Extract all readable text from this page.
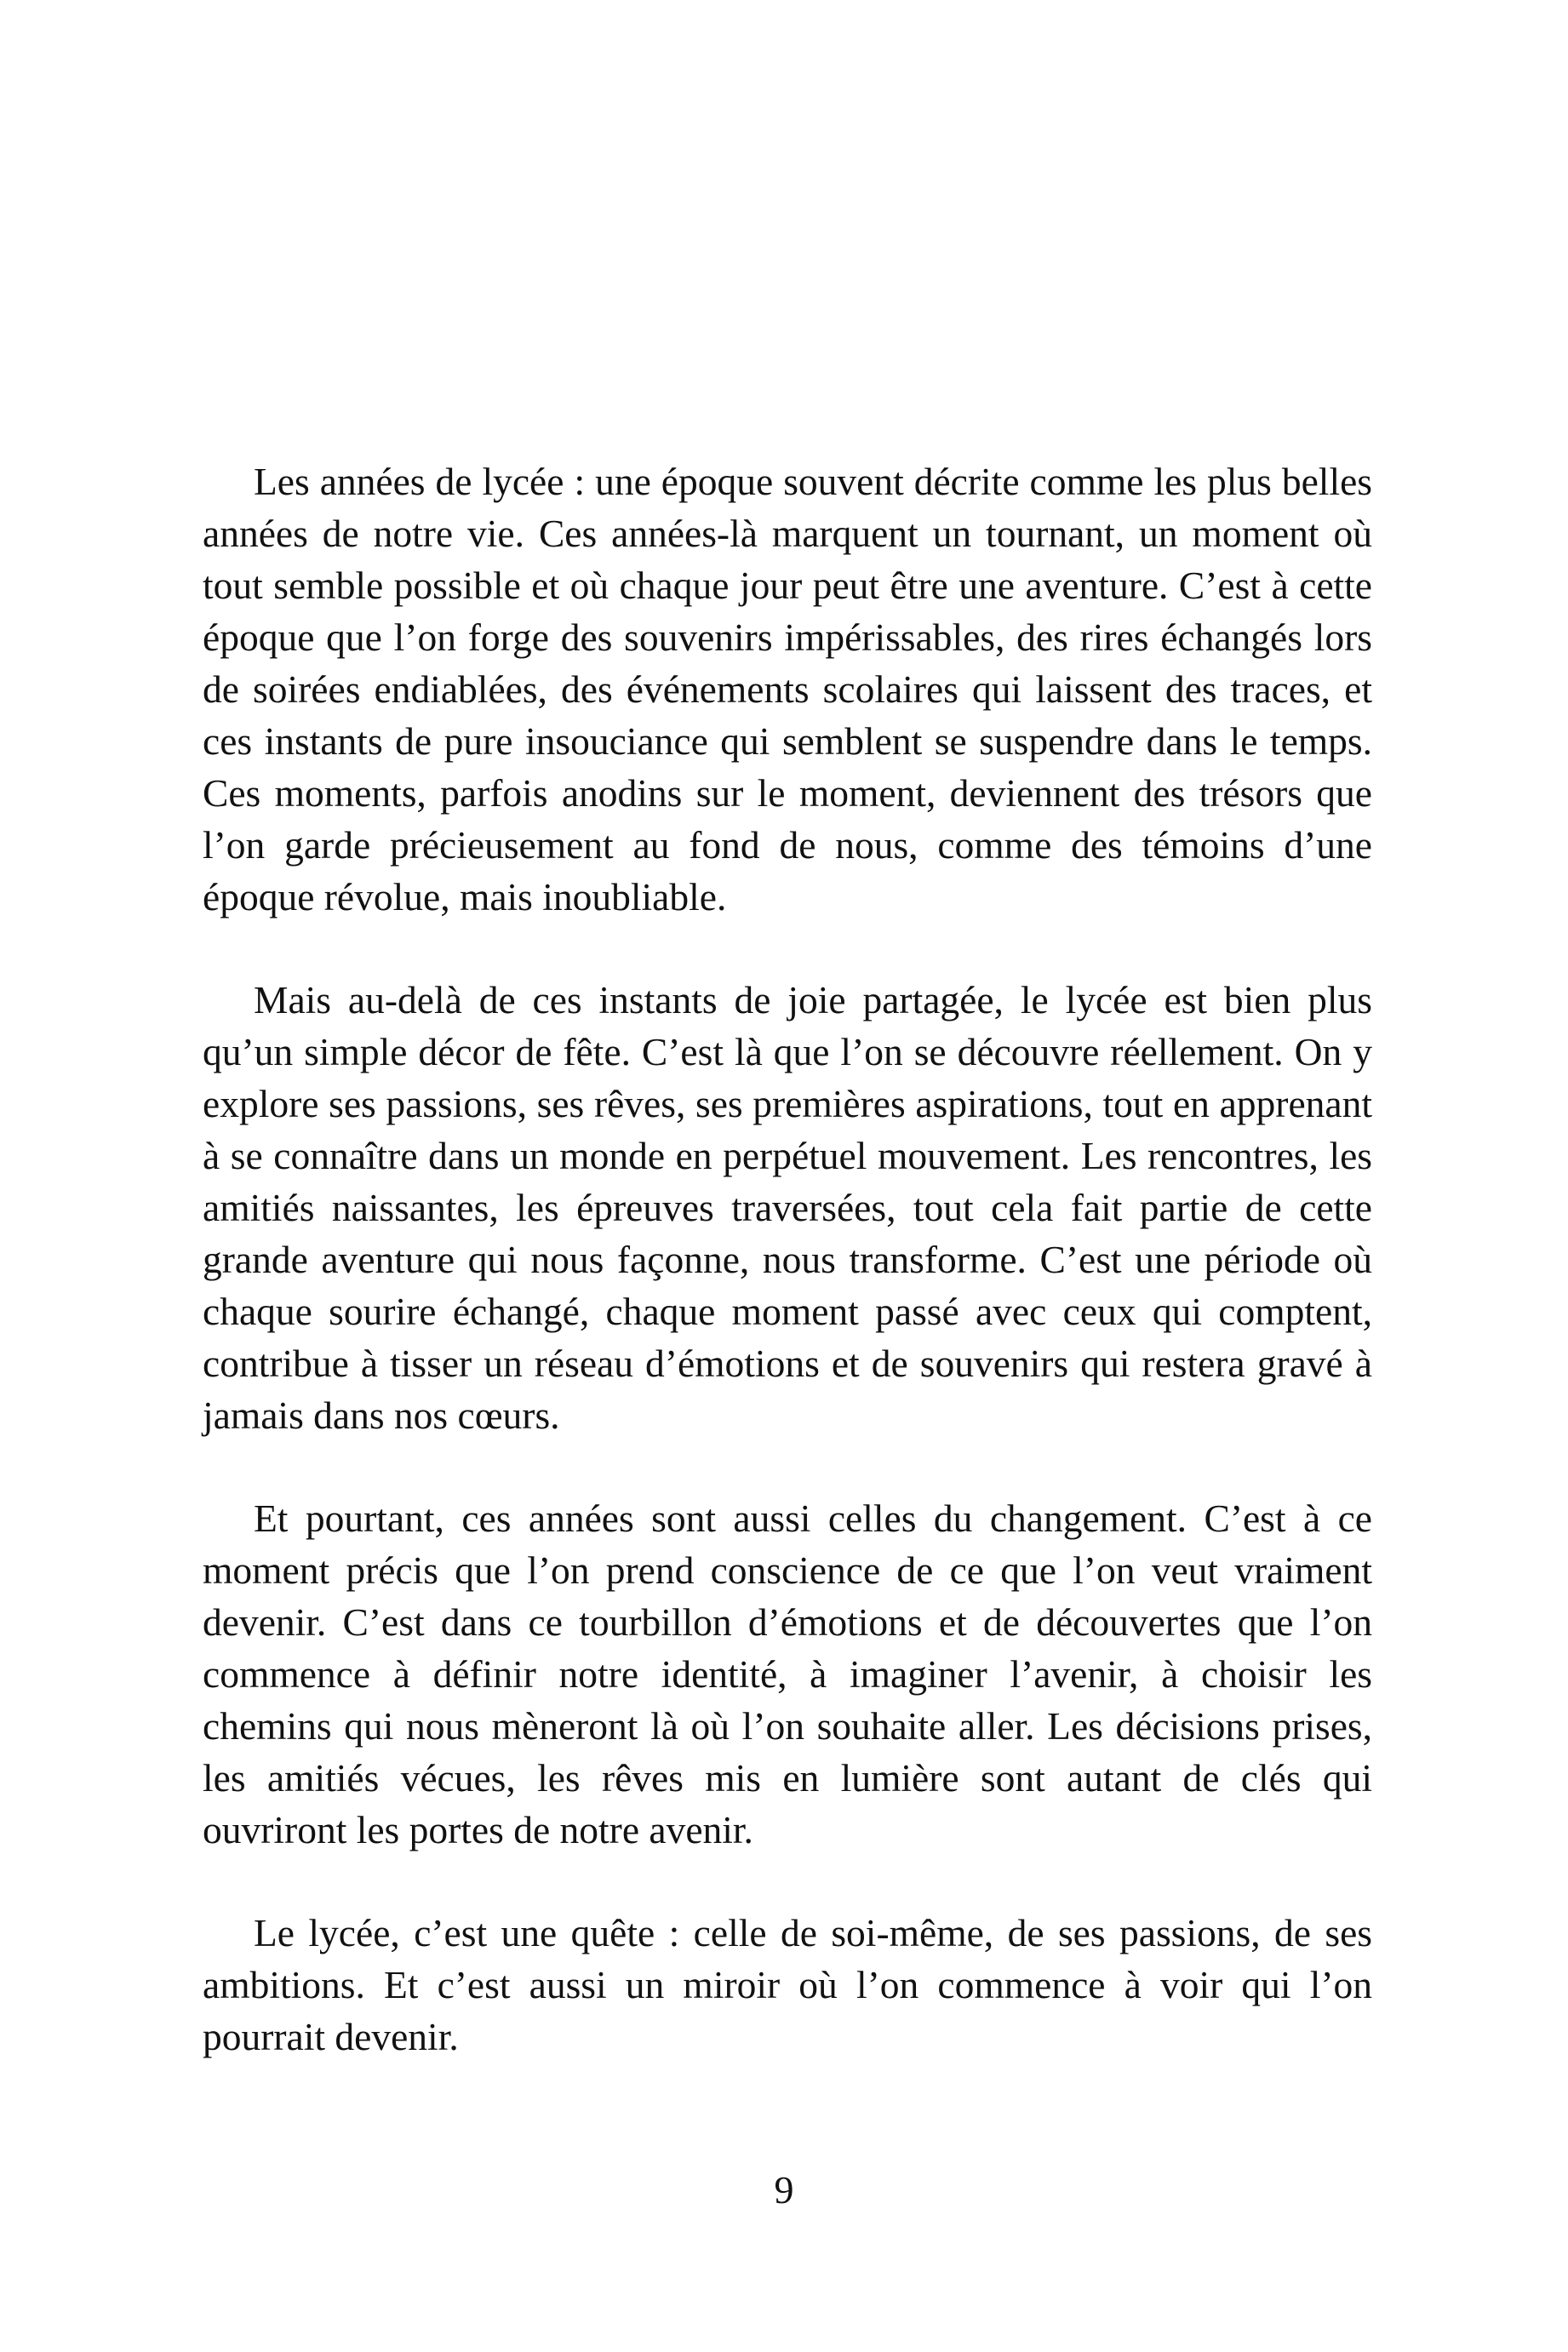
Les années de lycée : une époque souvent décrite comme les plus belles années de notre vie. Ces années-là marquent un tournant, un moment où tout semble possible et où chaque jour peut être une aventure. C’est à cette époque que l’on forge des souvenirs impérissables, des rires échangés lors de soirées endiablées, des événements scolaires qui laissent des traces, et ces instants de pure insouciance qui semblent se suspendre dans le temps. Ces moments, parfois anodins sur le moment, deviennent des trésors que l’on garde précieusement au fond de nous, comme des témoins d’une époque révolue, mais inoubliable.

Mais au-delà de ces instants de joie partagée, le lycée est bien plus qu’un simple décor de fête. C’est là que l’on se découvre réellement. On y explore ses passions, ses rêves, ses premières aspirations, tout en apprenant à se connaître dans un monde en perpétuel mouvement. Les rencontres, les amitiés naissantes, les épreuves traversées, tout cela fait partie de cette grande aventure qui nous façonne, nous transforme. C’est une période où chaque sourire échangé, chaque moment passé avec ceux qui comptent, contribue à tisser un réseau d’émotions et de souvenirs qui restera gravé à jamais dans nos cœurs.

Et pourtant, ces années sont aussi celles du changement. C’est à ce moment précis que l’on prend conscience de ce que l’on veut vraiment devenir. C’est dans ce tourbillon d’émotions et de découvertes que l’on commence à définir notre identité, à imaginer l’avenir, à choisir les chemins qui nous mèneront là où l’on souhaite aller. Les décisions prises, les amitiés vécues, les rêves mis en lumière sont autant de clés qui ouvriront les portes de notre avenir.

Le lycée, c’est une quête : celle de soi-même, de ses passions, de ses ambitions. Et c’est aussi un miroir où l’on commence à voir qui l’on pourrait devenir.

9
